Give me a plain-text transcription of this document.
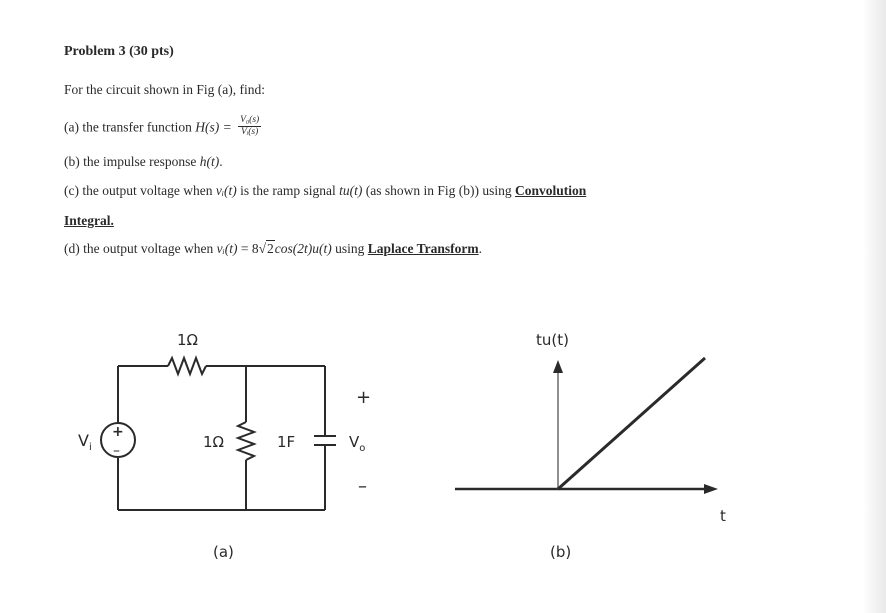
Problem 3 (30 pts)
For the circuit shown in Fig (a), find:
(a) the transfer function $H(s) = \frac{\text{V₀(s)}}{\text{Vᵢ(s)}}$
(b) the impulse response h(t).
(c) the output voltage when vᵢ(t) is the ramp signal tu(t) (as shown in Fig (b)) using Convolution
Integral.
(d) the output voltage when vᵢ(t) = 8√2cos(2t)u(t) using Laplace Transform.
1Ω
1Ω	1F
+
–
$V_i$
+
$V_o$
–
(a)
tu(t)
t
(b)
